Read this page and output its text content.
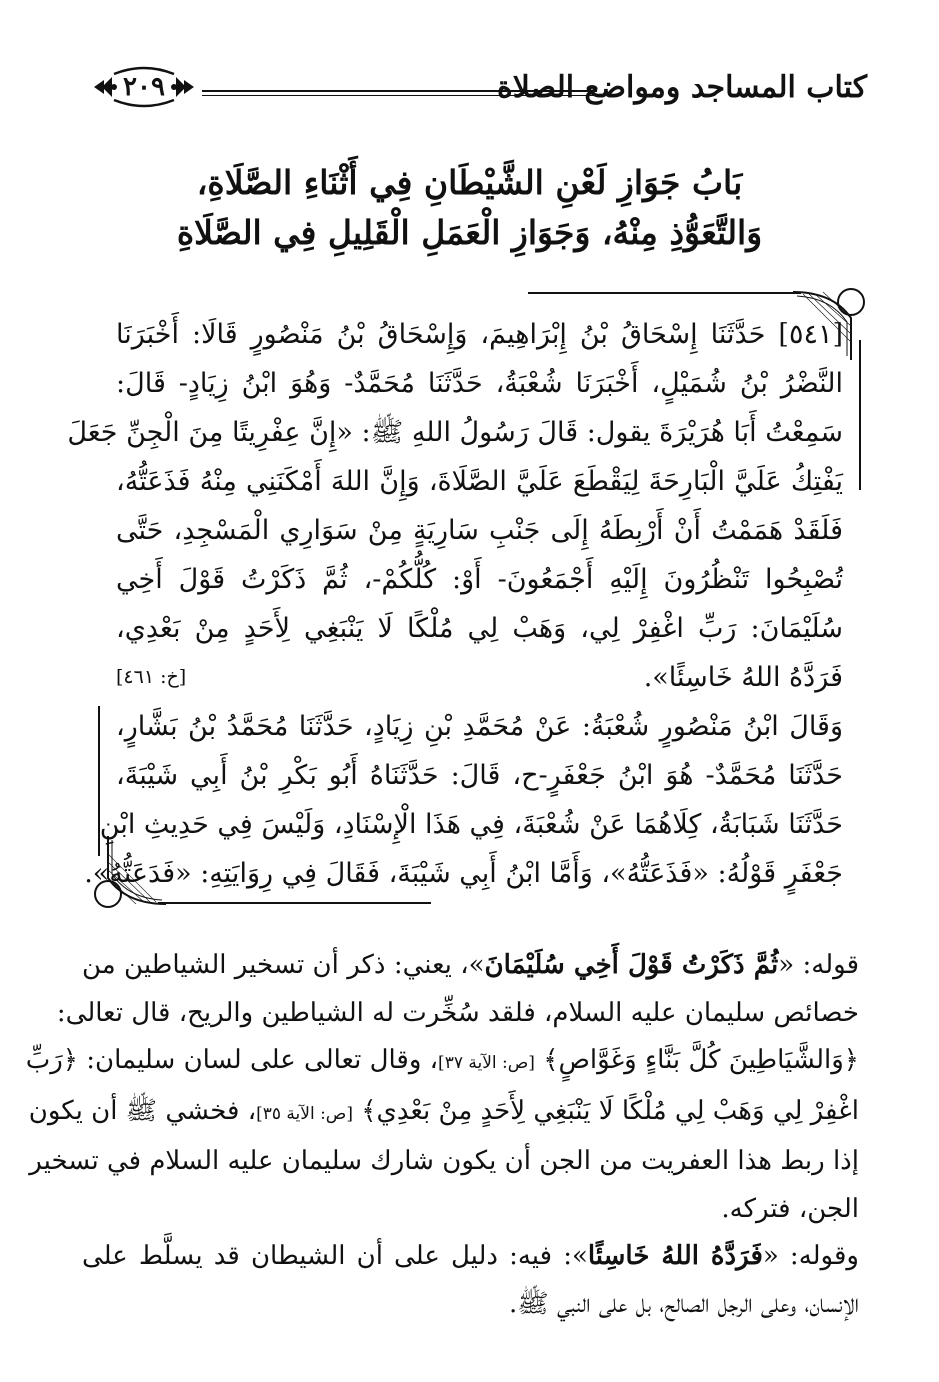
كتاب المساجد ومواضع الصلاة
٢٠٩
بَابُ جَوَازِ لَعْنِ الشَّيْطَانِ فِي أَثْنَاءِ الصَّلَاةِ،
وَالتَّعَوُّذِ مِنْهُ، وَجَوَازِ الْعَمَلِ الْقَلِيلِ فِي الصَّلَاةِ
[٥٤١] حَدَّثَنَا إِسْحَاقُ بْنُ إِبْرَاهِيمَ، وَإِسْحَاقُ بْنُ مَنْصُورٍ قَالَا: أَخْبَرَنَا
النَّضْرُ بْنُ شُمَيْلٍ، أَخْبَرَنَا شُعْبَةُ، حَدَّثَنَا مُحَمَّدٌ- وَهُوَ ابْنُ زِيَادٍ- قَالَ:
سَمِعْتُ أَبَا هُرَيْرَةَ يقول: قَالَ رَسُولُ اللهِ ﷺ: «إِنَّ عِفْرِيتًا مِنَ الْجِنِّ جَعَلَ
يَفْتِكُ عَلَيَّ الْبَارِحَةَ لِيَقْطَعَ عَلَيَّ الصَّلَاةَ، وَإِنَّ اللهَ أَمْكَنَنِي مِنْهُ فَذَعَتُّهُ،
فَلَقَدْ هَمَمْتُ أَنْ أَرْبِطَهُ إِلَى جَنْبِ سَارِيَةٍ مِنْ سَوَارِي الْمَسْجِدِ، حَتَّى
تُصْبِحُوا تَنْظُرُونَ إِلَيْهِ أَجْمَعُونَ- أَوْ: كُلُّكُمْ-، ثُمَّ ذَكَرْتُ قَوْلَ أَخِي
سُلَيْمَانَ: رَبِّ اغْفِرْ لِي، وَهَبْ لِي مُلْكًا لَا يَنْبَغِي لِأَحَدٍ مِنْ بَعْدِي،
فَرَدَّهُ اللهُ خَاسِئًا».
[خ: ٤٦١]
وَقَالَ ابْنُ مَنْصُورٍ شُعْبَةُ: عَنْ مُحَمَّدِ بْنِ زِيَادٍ، حَدَّثَنَا مُحَمَّدُ بْنُ بَشَّارٍ،
حَدَّثَنَا مُحَمَّدٌ- هُوَ ابْنُ جَعْفَرٍ-ح، قَالَ: حَدَّثَنَاهُ أَبُو بَكْرِ بْنُ أَبِي شَيْبَةَ،
حَدَّثَنَا شَبَابَةُ، كِلَاهُمَا عَنْ شُعْبَةَ، فِي هَذَا الْإِسْنَادِ، وَلَيْسَ فِي حَدِيثِ ابْنِ
جَعْفَرٍ قَوْلُهُ: «فَذَعَتُّهُ»، وَأَمَّا ابْنُ أَبِي شَيْبَةَ، فَقَالَ فِي رِوَايَتِهِ: «فَدَعَتُّهُ».
قوله: «ثُمَّ ذَكَرْتُ قَوْلَ أَخِي سُلَيْمَانَ»، يعني: ذكر أن تسخير الشياطين من
خصائص سليمان عليه السلام، فلقد سُخِّرت له الشياطين والريح، قال تعالى:
﴿وَالشَّيَاطِينَ كُلَّ بَنَّاءٍ وَغَوَّاصٍ﴾ [ص: الآية ٣٧]، وقال تعالى على لسان سليمان: ﴿رَبِّ
اغْفِرْ لِي وَهَبْ لِي مُلْكًا لَا يَنْبَغِي لِأَحَدٍ مِنْ بَعْدِي﴾ [ص: الآية ٣٥]، فخشي ﷺ أن يكون
إذا ربط هذا العفريت من الجن أن يكون شارك سليمان عليه السلام في تسخير
الجن، فتركه.
وقوله: «فَرَدَّهُ اللهُ خَاسِئًا»: فيه: دليل على أن الشيطان قد يسلَّط على
الإنسان، وعلى الرجل الصالح، بل على النبي ﷺ.
